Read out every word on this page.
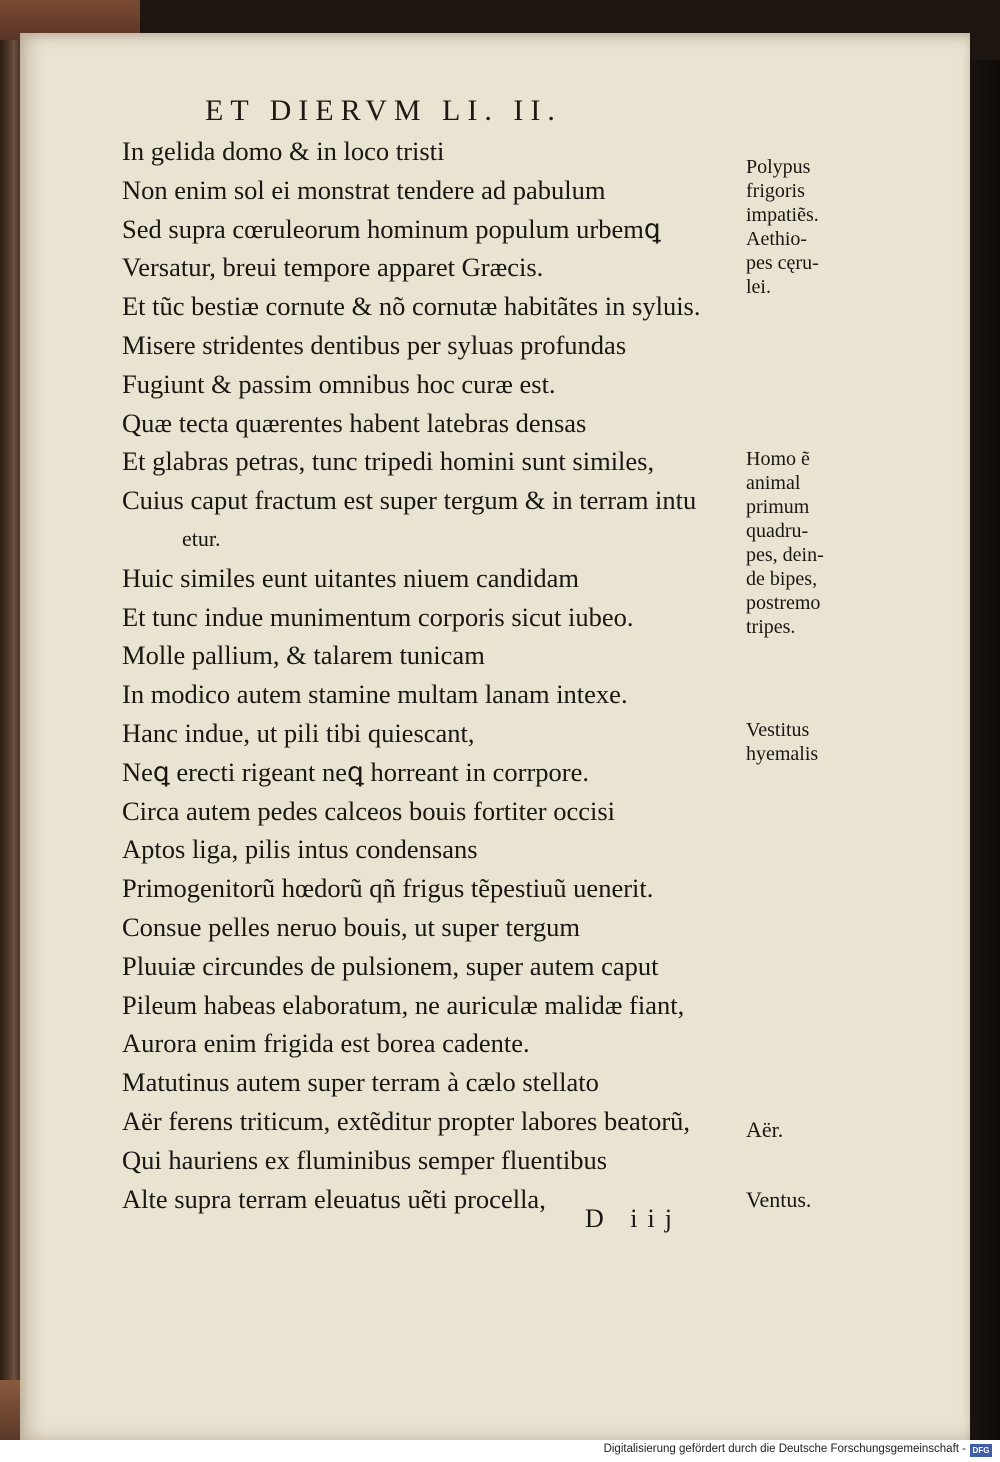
ET DIERVM LI. II.
In gelida domo & in loco tristi
Non enim sol ei monstrat tendere ad pabulum
Sed supra cœruleorum hominum populum urbemꝗ
Versatur, breui tempore apparet Græcis.
Et tũc bestiæ cornute & nõ cornutæ habitãtes in syluis.
Misere stridentes dentibus per syluas profundas
Fugiunt & passim omnibus hoc curæ est.
Quæ tecta quærentes habent latebras densas
Et glabras petras, tunc tripedi homini sunt similes,
Cuius caput fractum est super tergum & in terram intu
etur.
Huic similes eunt uitantes niuem candidam
Et tunc indue munimentum corporis sicut iubeo.
Molle pallium, & talarem tunicam
In modico autem stamine multam lanam intexe.
Hanc indue, ut pili tibi quiescant,
Neꝗ erecti rigeant neꝗ horreant in corrpore.
Circa autem pedes calceos bouis fortiter occisi
Aptos liga, pilis intus condensans
Primogenitorũ hœdorũ qñ frigus tẽpestiuũ uenerit.
Consue pelles neruo bouis, ut super tergum
Pluuiæ circundes de pulsionem, super autem caput
Pileum habeas elaboratum, ne auriculæ malidæ fiant,
Aurora enim frigida est borea cadente.
Matutinus autem super terram à cælo stellato
Aër ferens triticum, extẽditur propter labores beatorũ,
Qui hauriens ex fluminibus semper fluentibus
Alte supra terram eleuatus uẽti procella,
Polypus
frigoris
impatiẽs.
Aethio-
pes cęru-
lei.
Homo ẽ
animal
primum
quadru-
pes, dein-
de bipes,
postremo
tripes.
Vestitus
hyemalis
Aër.
Ventus.
D iij
Digitalisierung gefördert durch die Deutsche Forschungsgemeinschaft - DFG
